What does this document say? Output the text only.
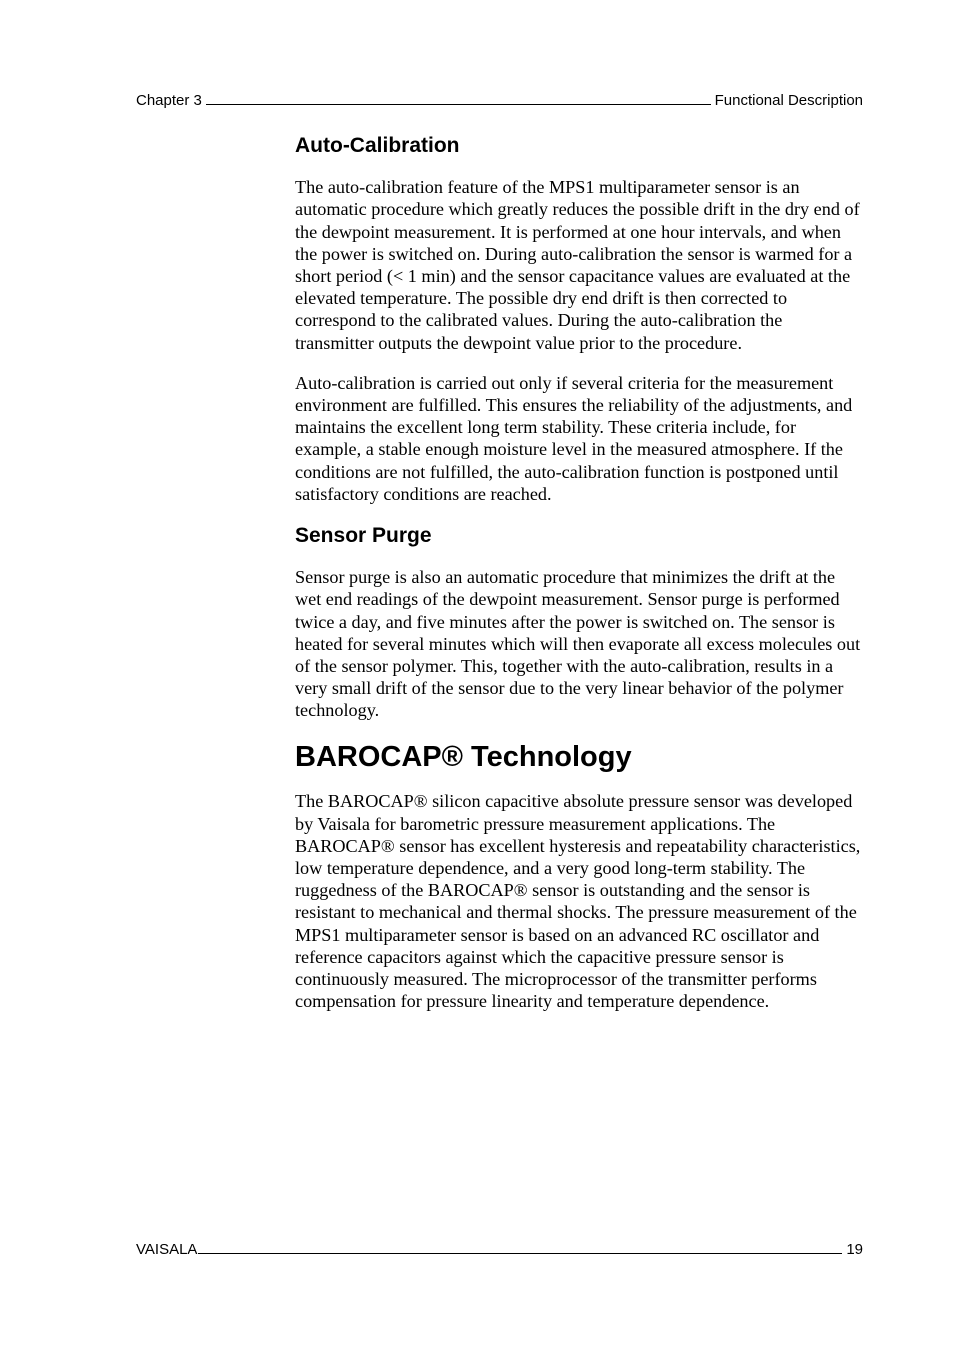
Chapter 3	Functional Description
Auto-Calibration

The auto-calibration feature of the MPS1 multiparameter sensor is an automatic procedure which greatly reduces the possible drift in the dry end of the dewpoint measurement. It is performed at one hour intervals, and when the power is switched on. During auto-calibration the sensor is warmed for a short period (< 1 min) and the sensor capacitance values are evaluated at the elevated temperature. The possible dry end drift is then corrected to correspond to the calibrated values. During the auto-calibration the transmitter outputs the dewpoint value prior to the procedure.

Auto-calibration is carried out only if several criteria for the measurement environment are fulfilled. This ensures the reliability of the adjustments, and maintains the excellent long term stability. These criteria include, for example, a stable enough moisture level in the measured atmosphere. If the conditions are not fulfilled, the auto-calibration function is postponed until satisfactory conditions are reached.

Sensor Purge

Sensor purge is also an automatic procedure that minimizes the drift at the wet end readings of the dewpoint measurement. Sensor purge is performed twice a day, and five minutes after the power is switched on. The sensor is heated for several minutes which will then evaporate all excess molecules out of the sensor polymer. This, together with the auto-calibration, results in a very small drift of the sensor due to the very linear behavior of the polymer technology.

BAROCAP® Technology

The BAROCAP® silicon capacitive absolute pressure sensor was developed by Vaisala for barometric pressure measurement applications. The BAROCAP® sensor has excellent hysteresis and repeatability characteristics, low temperature dependence, and a very good long-term stability. The ruggedness of the BAROCAP® sensor is outstanding and the sensor is resistant to mechanical and thermal shocks. The pressure measurement of the MPS1 multiparameter sensor is based on an advanced RC oscillator and reference capacitors against which the capacitive pressure sensor is continuously measured. The microprocessor of the transmitter performs compensation for pressure linearity and temperature dependence.

VAISALA	19
